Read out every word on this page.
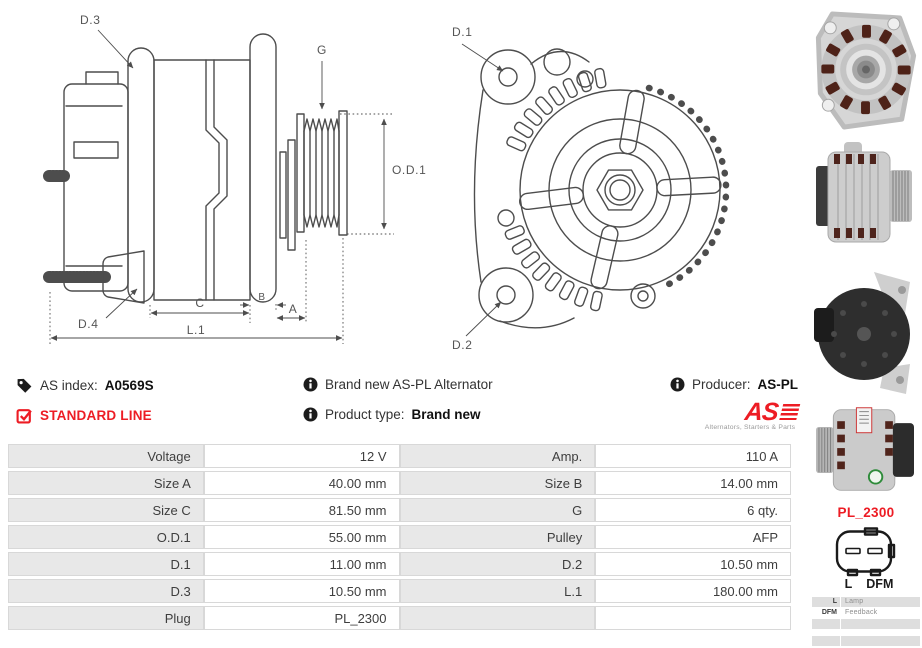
D.3
G
O.D.1
D.4
C	B
A
L.1
D.1
D.2
AS index: A0569S	Brand new AS-PL Alternator	Producer: AS-PL
STANDARD LINE	Product type: Brand new	AS
Alternators, Starters & Parts
Voltage	12 V	Amp.	110 A
Size A	40.00 mm	Size B	14.00 mm
Size C	81.50 mm	G	6 qty.
O.D.1	55.00 mm	Pulley	AFP
D.1	11.00 mm	D.2	10.50 mm
D.3	10.50 mm	L.1	180.00 mm
Plug	PL_2300		
PL_2300
L DFM
L	Lamp
DFM	Feedback
